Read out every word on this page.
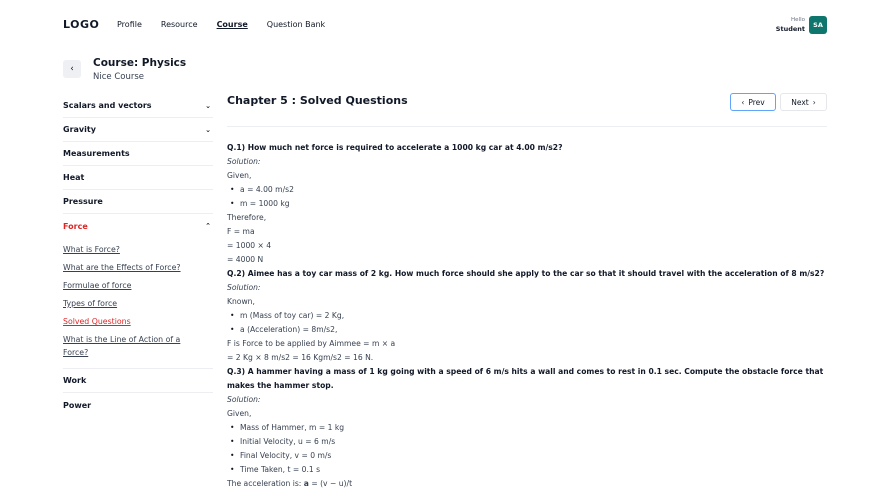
LOGO Profile Resource Course Question Bank	Hello
Student	SA
‹ Course: Physics
Nice Course
Scalars and vectors	⌄
Gravity	⌄
Measurements
Heat
Pressure
Force	⌃
What is Force?
What are the Effects of Force?
Formulae of force
Types of force
Solved Questions
What is the Line of Action of a Force?
Work
Power
Chapter 5 : Solved Questions	‹ Prev	Next ›
Q.1) How much net force is required to accelerate a 1000 kg car at 4.00 m/s2?
Solution:
Given,
• a = 4.00 m/s2
• m = 1000 kg
Therefore,
F = ma
= 1000 × 4
= 4000 N
Q.2) Aimee has a toy car mass of 2 kg. How much force should she apply to the car so that it should travel with the acceleration of 8 m/s2?
Solution:
Known,
• m (Mass of toy car) = 2 Kg,
• a (Acceleration) = 8m/s2,
F is Force to be applied by Aimmee = m × a
= 2 Kg × 8 m/s2 = 16 Kgm/s2 = 16 N.
Q.3) A hammer having a mass of 1 kg going with a speed of 6 m/s hits a wall and comes to rest in 0.1 sec. Compute the obstacle force that makes the hammer stop.
Solution:
Given,
• Mass of Hammer, m = 1 kg
• Initial Velocity, u = 6 m/s
• Final Velocity, v = 0 m/s
• Time Taken, t = 0.1 s
The acceleration is: a = (v − u)/t
